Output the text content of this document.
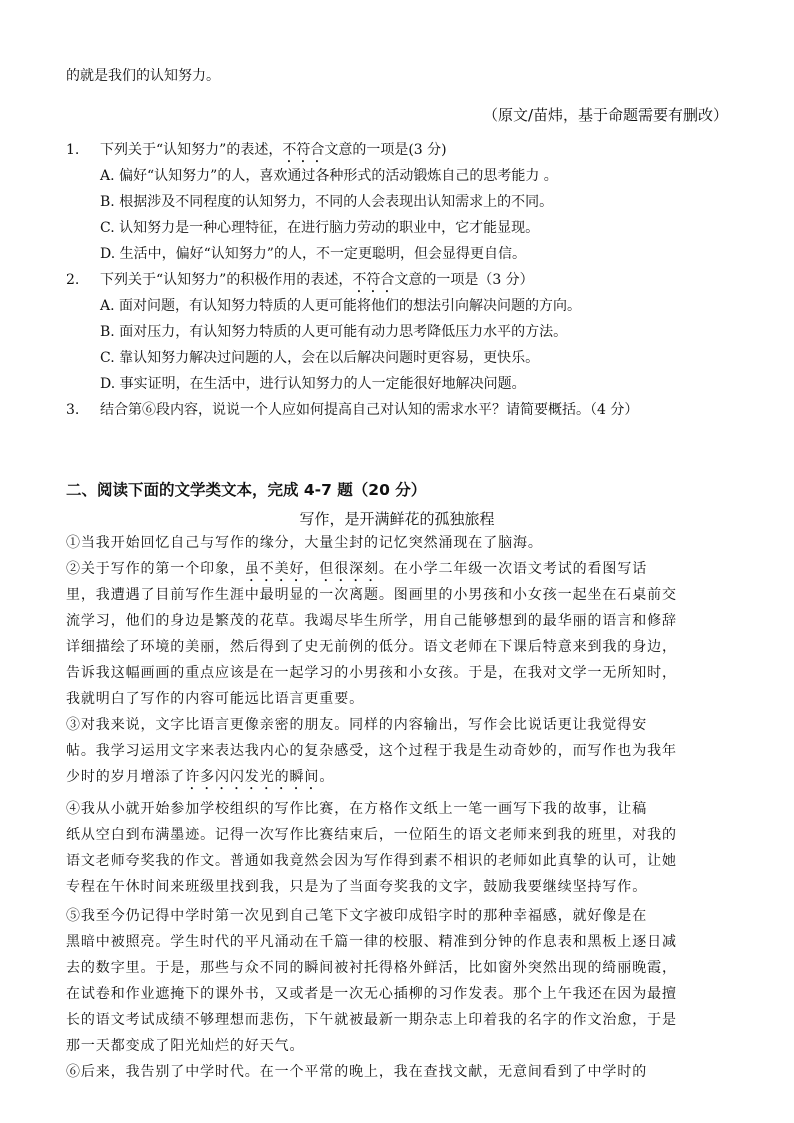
的就是我们的认知努力。
（原文/苗炜，基于命题需要有删改）
1. 下列关于“认知努力”的表述，不符合文意的一项是(3 分)
A. 偏好“认知努力”的人，喜欢通过各种形式的活动锻炼自己的思考能力 。
B. 根据涉及不同程度的认知努力，不同的人会表现出认知需求上的不同。
C. 认知努力是一种心理特征，在进行脑力劳动的职业中，它才能显现。
D. 生活中，偏好“认知努力”的人，不一定更聪明，但会显得更自信。
2. 下列关于“认知努力”的积极作用的表述，不符合文意的一项是（3 分）
A. 面对问题，有认知努力特质的人更可能将他们的想法引向解决问题的方向。
B. 面对压力，有认知努力特质的人更可能有动力思考降低压力水平的方法。
C. 靠认知努力解决过问题的人，会在以后解决问题时更容易，更快乐。
D. 事实证明，在生活中，进行认知努力的人一定能很好地解决问题。
3. 结合第⑥段内容，说说一个人应如何提高自己对认知的需求水平？请简要概括。（4 分）
二、阅读下面的文学类文本，完成 4-7 题（20 分）
写作，是开满鲜花的孤独旅程
①当我开始回忆自己与写作的缘分，大量尘封的记忆突然涌现在了脑海。
②关于写作的第一个印象，虽不美好，但很深刻。在小学二年级一次语文考试的看图写话
里，我遭遇了目前写作生涯中最明显的一次离题。图画里的小男孩和小女孩一起坐在石桌前交
流学习，他们的身边是繁茂的花草。我竭尽毕生所学，用自己能够想到的最华丽的语言和修辞
详细描绘了环境的美丽，然后得到了史无前例的低分。语文老师在下课后特意来到我的身边，
告诉我这幅画画的重点应该是在一起学习的小男孩和小女孩。于是，在我对文学一无所知时，
我就明白了写作的内容可能远比语言更重要。
③对我来说，文字比语言更像亲密的朋友。同样的内容输出，写作会比说话更让我觉得安
帖。我学习运用文字来表达我内心的复杂感受，这个过程于我是生动奇妙的，而写作也为我年
少时的岁月增添了许多闪闪发光的瞬间。
④我从小就开始参加学校组织的写作比赛，在方格作文纸上一笔一画写下我的故事，让稿
纸从空白到布满墨迹。记得一次写作比赛结束后，一位陌生的语文老师来到我的班里，对我的
语文老师夸奖我的作文。普通如我竟然会因为写作得到素不相识的老师如此真挚的认可，让她
专程在午休时间来班级里找到我，只是为了当面夸奖我的文字，鼓励我要继续坚持写作。
⑤我至今仍记得中学时第一次见到自己笔下文字被印成铅字时的那种幸福感，就好像是在
黑暗中被照亮。学生时代的平凡涌动在千篇一律的校服、精准到分钟的作息表和黑板上逐日减
去的数字里。于是，那些与众不同的瞬间被衬托得格外鲜活，比如窗外突然出现的绮丽晚霞，
在试卷和作业遮掩下的课外书，又或者是一次无心插柳的习作发表。那个上午我还在因为最擅
长的语文考试成绩不够理想而悲伤，下午就被最新一期杂志上印着我的名字的作文治愈，于是
那一天都变成了阳光灿烂的好天气。
⑥后来，我告别了中学时代。在一个平常的晚上，我在查找文献，无意间看到了中学时的
